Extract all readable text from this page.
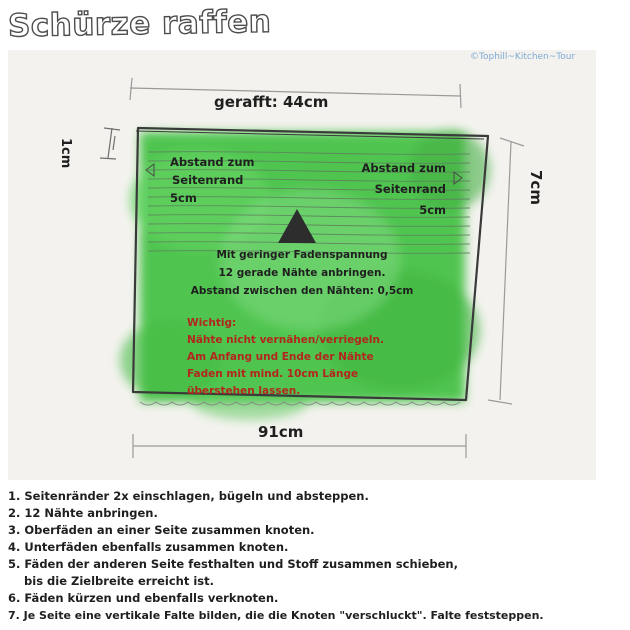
Schürze raffen
©Tophill~Kitchen~Tour
gerafft: 44cm
91cm
1cm
7cm
Abstand zum
Seitenrand
5cm
Abstand zum
Seitenrand
5cm
Mit geringer Fadenspannung
12 gerade Nähte anbringen.
Abstand zwischen den Nähten: 0,5cm
Wichtig:
Nähte nicht vernähen/verriegeln.
Am Anfang und Ende der Nähte
Faden mit mind. 10cm Länge
überstehen lassen.
1. Seitenränder 2x einschlagen, bügeln und absteppen.
2. 12 Nähte anbringen.
3. Oberfäden an einer Seite zusammen knoten.
4. Unterfäden ebenfalls zusammen knoten.
5. Fäden der anderen Seite festhalten und Stoff zusammen schieben,
bis die Zielbreite erreicht ist.
6. Fäden kürzen und ebenfalls verknoten.
7. Je Seite eine vertikale Falte bilden, die die Knoten "verschluckt". Falte feststeppen.
